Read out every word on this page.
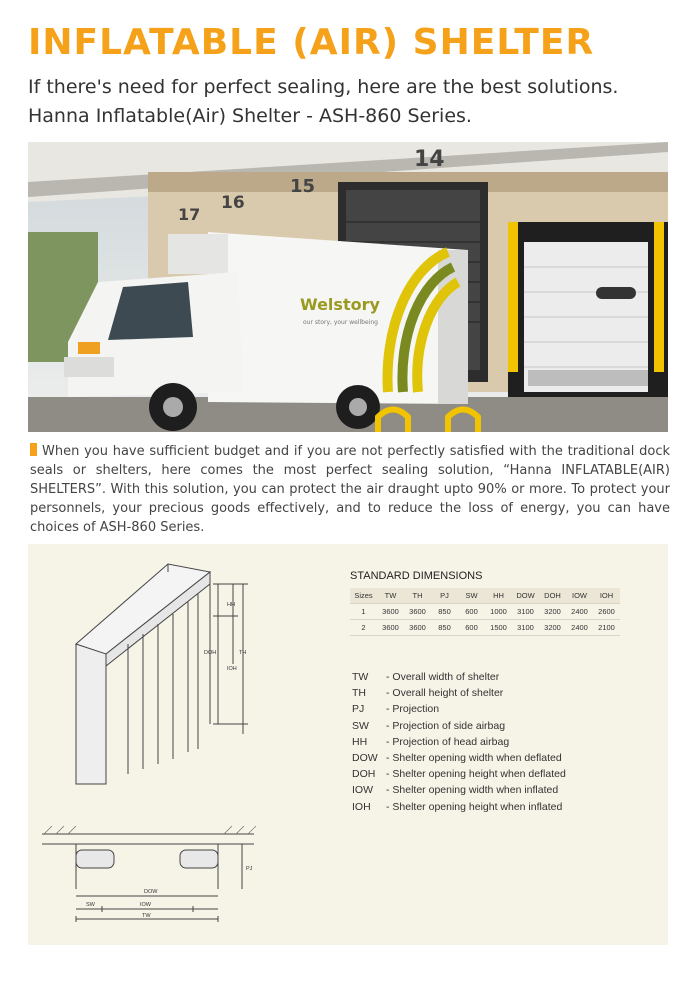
INFLATABLE (AIR) SHELTER
If there's need for perfect sealing, here are the best solutions.
Hanna Inflatable(Air) Shelter - ASH-860 Series.
17
16
15
14
Welstory
our story, your wellbeing
When you have sufficient budget and if you are not perfectly satisfied with the traditional dock seals or shelters, here comes the most perfect sealing solution, “Hanna INFLATABLE(AIR) SHELTERS”. With this solution, you can protect the air draught upto 90% or more. To protect your personnels, your precious goods effectively, and to reduce the loss of energy, you can have choices of ASH-860 Series.
HH
DOH
IOH
TH
PJ
DOW
SW	IOW
TW
STANDARD DIMENSIONS
Sizes	TW	TH	PJ	SW	HH	DOW	DOH	IOW	IOH
1	3600	3600	850	600	1000	3100	3200	2400	2600
2	3600	3600	850	600	1500	3100	3200	2400	2100
TW - Overall width of shelter
TH - Overall height of shelter
PJ - Projection
SW - Projection of side airbag
HH - Projection of head airbag
DOW - Shelter opening width when deflated
DOH - Shelter opening height when deflated
IOW - Shelter opening width when inflated
IOH - Shelter opening height when inflated
